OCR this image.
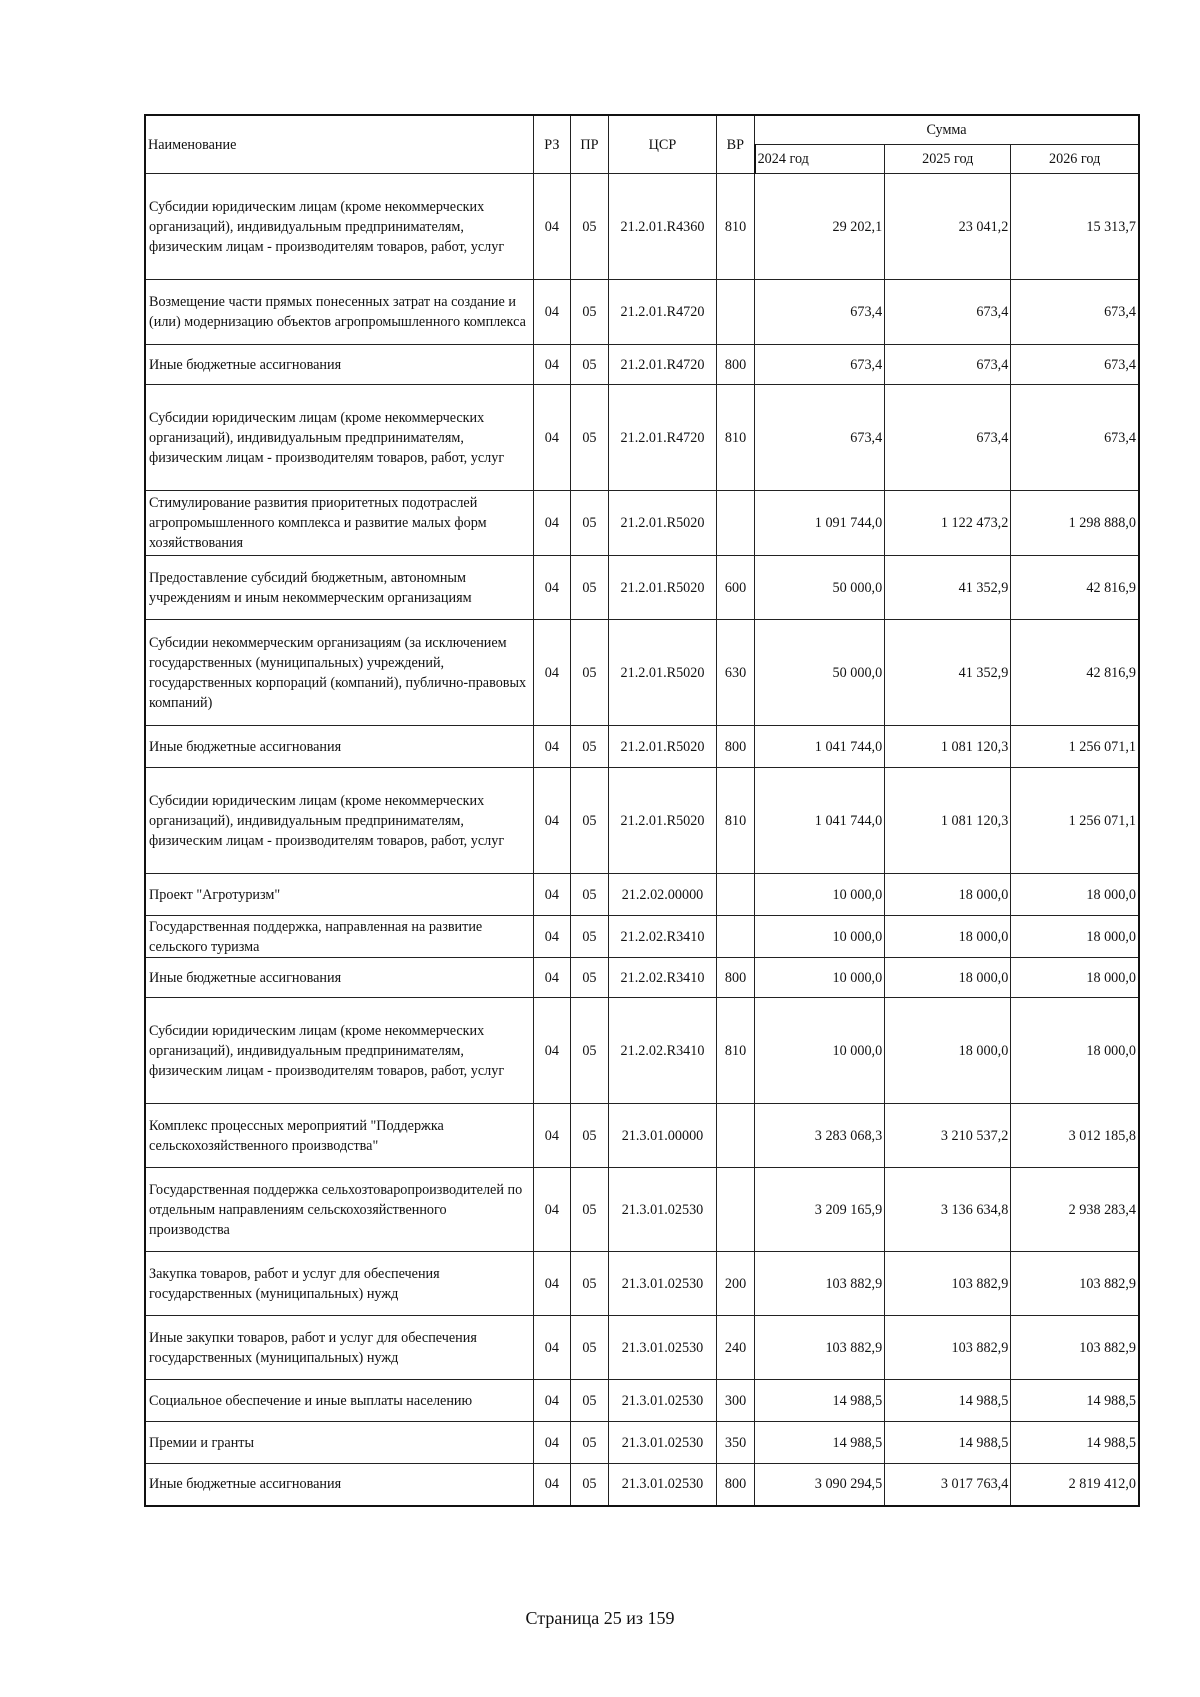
Наименование	РЗ	ПР	ЦСР	ВР	Сумма		
					2024 год	2025 год	2026 год
Субсидии юридическим лицам (кроме некоммерческих организаций), индивидуальным предпринимателям, физическим лицам - производителям товаров, работ, услуг	04	05	21.2.01.R4360	810	29 202,1	23 041,2	15 313,7
Возмещение части прямых понесенных затрат на создание и (или) модернизацию объектов агропромышленного комплекса	04	05	21.2.01.R4720		673,4	673,4	673,4
Иные бюджетные ассигнования	04	05	21.2.01.R4720	800	673,4	673,4	673,4
Субсидии юридическим лицам (кроме некоммерческих организаций), индивидуальным предпринимателям, физическим лицам - производителям товаров, работ, услуг	04	05	21.2.01.R4720	810	673,4	673,4	673,4
Стимулирование развития приоритетных подотраслей агропромышленного комплекса и развитие малых форм хозяйствования	04	05	21.2.01.R5020		1 091 744,0	1 122 473,2	1 298 888,0
Предоставление субсидий бюджетным, автономным учреждениям и иным некоммерческим организациям	04	05	21.2.01.R5020	600	50 000,0	41 352,9	42 816,9
Субсидии некоммерческим организациям (за исключением государственных (муниципальных) учреждений, государственных корпораций (компаний), публично-правовых компаний)	04	05	21.2.01.R5020	630	50 000,0	41 352,9	42 816,9
Иные бюджетные ассигнования	04	05	21.2.01.R5020	800	1 041 744,0	1 081 120,3	1 256 071,1
Субсидии юридическим лицам (кроме некоммерческих организаций), индивидуальным предпринимателям, физическим лицам - производителям товаров, работ, услуг	04	05	21.2.01.R5020	810	1 041 744,0	1 081 120,3	1 256 071,1
Проект "Агротуризм"	04	05	21.2.02.00000		10 000,0	18 000,0	18 000,0
Государственная поддержка, направленная на развитие сельского туризма	04	05	21.2.02.R3410		10 000,0	18 000,0	18 000,0
Иные бюджетные ассигнования	04	05	21.2.02.R3410	800	10 000,0	18 000,0	18 000,0
Субсидии юридическим лицам (кроме некоммерческих организаций), индивидуальным предпринимателям, физическим лицам - производителям товаров, работ, услуг	04	05	21.2.02.R3410	810	10 000,0	18 000,0	18 000,0
Комплекс процессных мероприятий "Поддержка сельскохозяйственного производства"	04	05	21.3.01.00000		3 283 068,3	3 210 537,2	3 012 185,8
Государственная поддержка сельхозтоваропроизводителей по отдельным направлениям сельскохозяйственного производства	04	05	21.3.01.02530		3 209 165,9	3 136 634,8	2 938 283,4
Закупка товаров, работ и услуг для обеспечения государственных (муниципальных) нужд	04	05	21.3.01.02530	200	103 882,9	103 882,9	103 882,9
Иные закупки товаров, работ и услуг для обеспечения государственных (муниципальных) нужд	04	05	21.3.01.02530	240	103 882,9	103 882,9	103 882,9
Социальное обеспечение и иные выплаты населению	04	05	21.3.01.02530	300	14 988,5	14 988,5	14 988,5
Премии и гранты	04	05	21.3.01.02530	350	14 988,5	14 988,5	14 988,5
Иные бюджетные ассигнования	04	05	21.3.01.02530	800	3 090 294,5	3 017 763,4	2 819 412,0
Страница 25 из 159
